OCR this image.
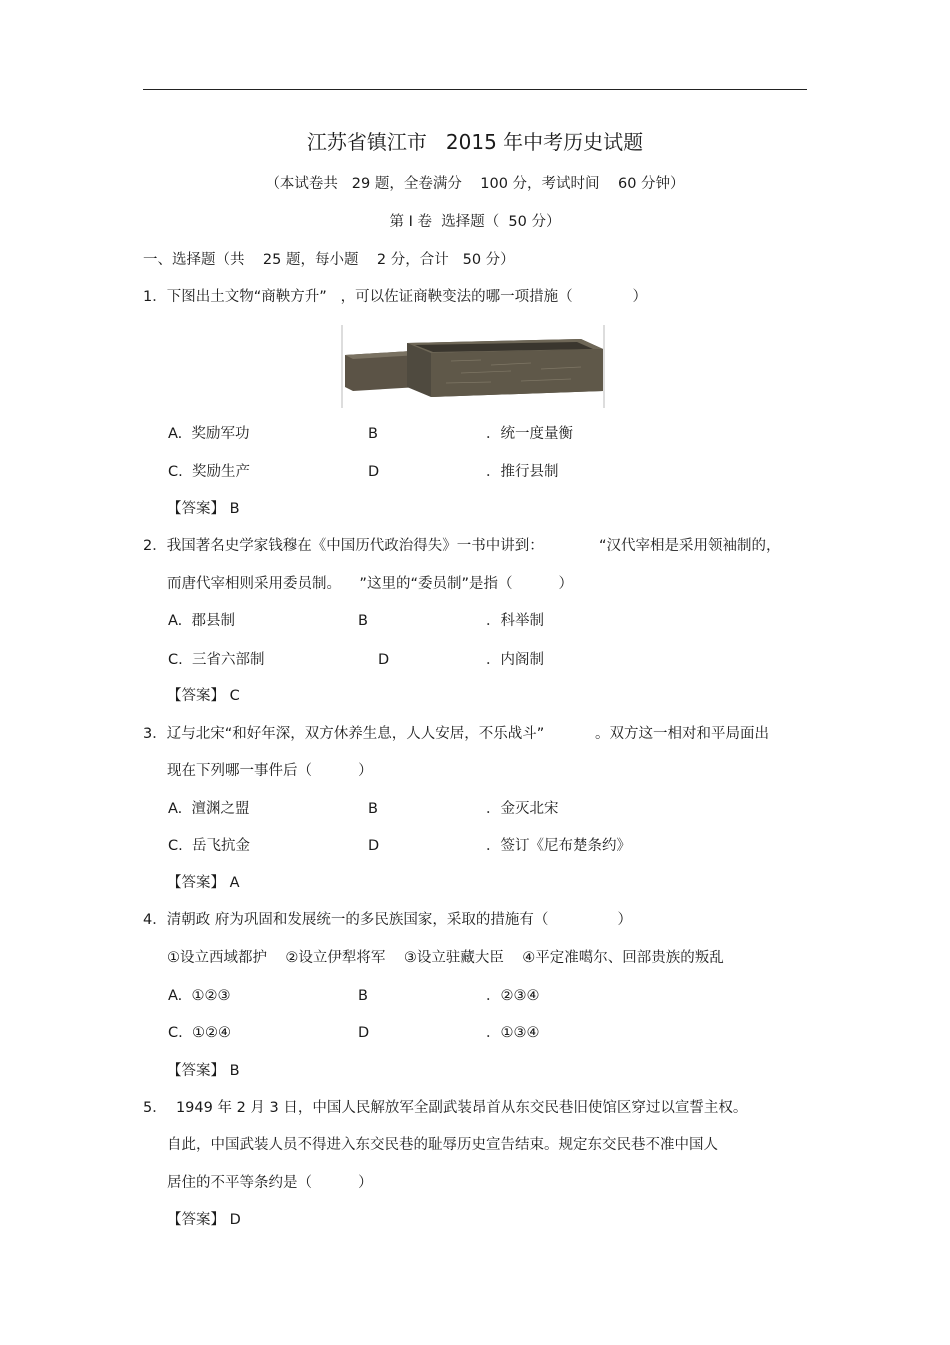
江苏省镇江市   2015 年中考历史试题
（本试卷共   29 题，全卷满分    100 分，考试时间    60 分钟）
第 Ⅰ 卷  选择题（  50 分）
一、选择题（共    25 题，每小题    2 分，合计   50 分）
1．下图出土文物“商鞅方升”   ，可以佐证商鞅变法的哪一项措施（             ）
A.  奖励军功	B	．统一度量衡
C.  奖励生产	D	．推行县制
【答案】 B
2．我国著名史学家钱穆在《中国历代政治得失》一书中讲到：            “汉代宰相是采用领袖制的，
而唐代宰相则采用委员制。    ”这里的“委员制”是指（          ）
A.  郡县制	B	．科举制
C.  三省六部制	D	．内阁制
【答案】 C
3．辽与北宋“和好年深，双方休养生息，人人安居，不乐战斗”           。双方这一相对和平局面出
现在下列哪一事件后（          ）
A.  澶渊之盟	B	．金灭北宋
C.  岳飞抗金	D	．签订《尼布楚条约》
【答案】 A
4．清朝政 府为巩固和发展统一的多民族国家，采取的措施有（               ）
①设立西域都护    ②设立伊犁将军    ③设立驻藏大臣    ④平定准噶尔、回部贵族的叛乱
A.  ①②③	B	．②③④
C.  ①②④	D	．①③④
【答案】 B
5．  1949 年 2 月 3 日，中国人民解放军全副武装昂首从东交民巷旧使馆区穿过以宣誓主权。
自此，中国武装人员不得进入东交民巷的耻辱历史宣告结束。规定东交民巷不准中国人
居住的不平等条约是（          ）
【答案】 D
